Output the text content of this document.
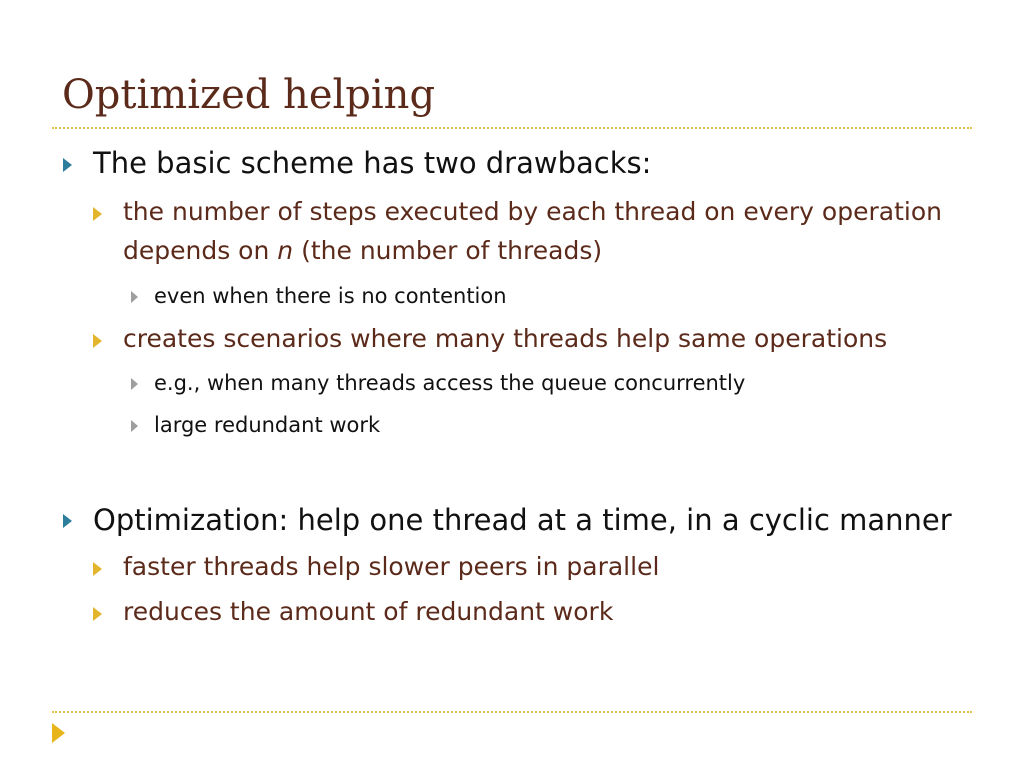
Optimized helping
The basic scheme has two drawbacks:
the number of steps executed by each thread on every operation
depends on n (the number of threads)
even when there is no contention
creates scenarios where many threads help same operations
e.g., when many threads access the queue concurrently
large redundant work
Optimization: help one thread at a time, in a cyclic manner
faster threads help slower peers in parallel
reduces the amount of redundant work
